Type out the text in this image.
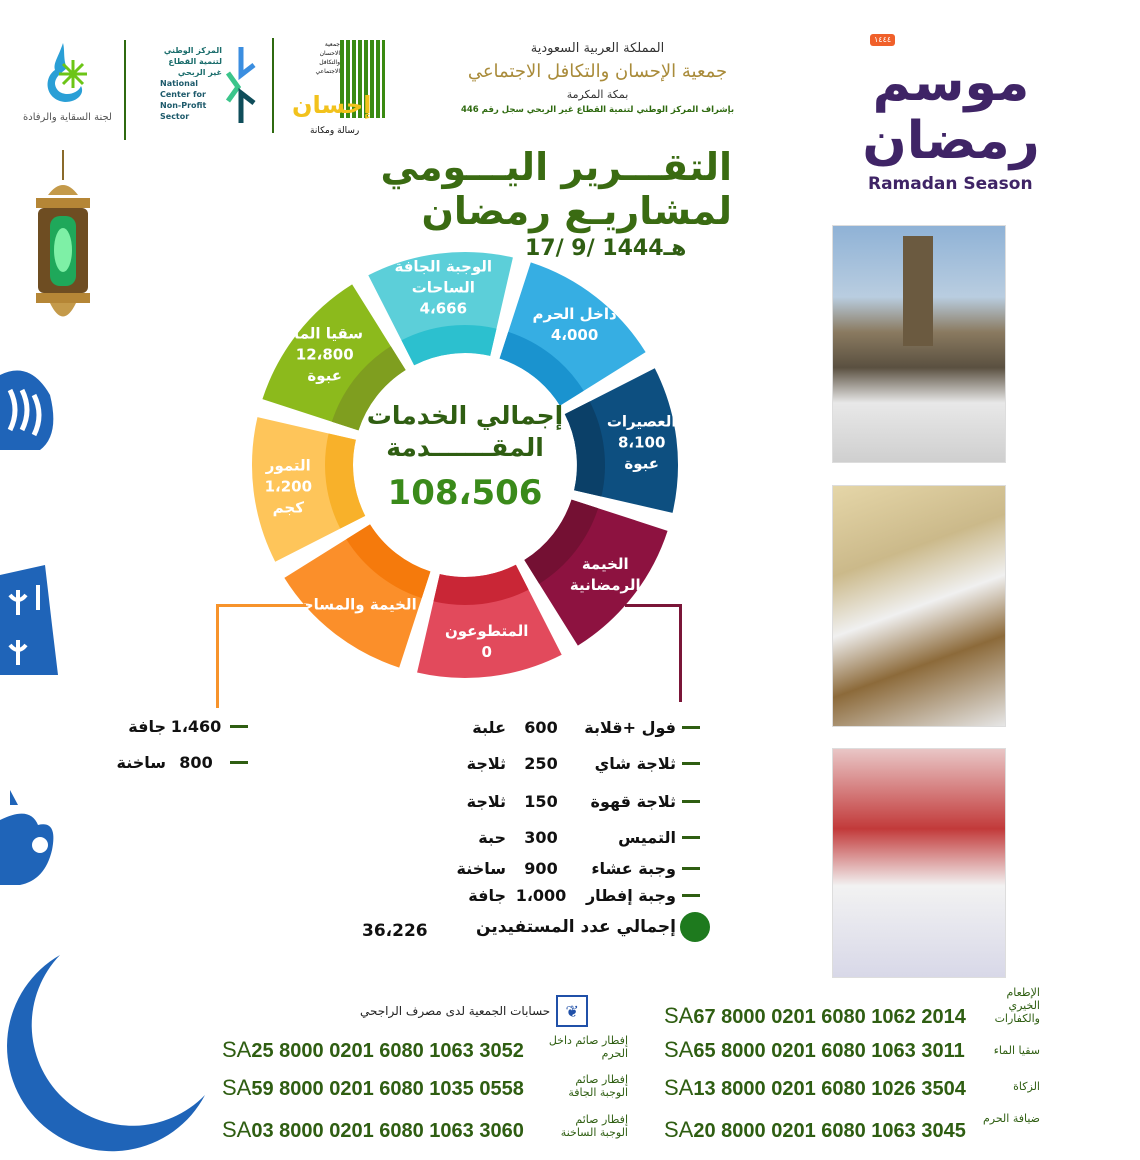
لجنة السقاية والرفادة
المركز الوطني لتنمية القطاع غير الربحي
National Center for Non-Profit Sector
جمعية الاحسان والتكافل الاجتماعي
إحسان
رسالة ومكانة
المملكة العربية السعودية
جمعية الإحسان والتكافل الاجتماعي
بمكة المكرمة
بإشراف المركز الوطني لتنمية القطاع غير الربحي سجل رقم 446
١٤٤٤
موسم رمضان
Ramadan Season
التقـــرير اليـــومي
لمشاريـع رمضان
17/ 9/ 1444هـ
الوجبة الجافة
الساحات
4،666	داخل الحرم
4،000
العصيرات
8،100
عبوة
الخيمة
الرمضانية
المتطوعون
0
الخيمة والمساجد
التمور
1،200
كجم
سقيا الماء
12،800
عبوة
إجمالي الخدمات
المقـــــــدمة
108،506
1،460
جافة
800
ساخنة
فول +قلابة
600
علبة
ثلاجة شاي
250
ثلاجة
ثلاجة قهوة
150
ثلاجة
التميس
300
حبة
وجبة عشاء
900
ساخنة
وجبة إفطار
1،000
جافة
إجمالي عدد المستفيدين
36،226
❦
حسابات الجمعية لدى مصرف الراجحي
SA25 8000 0201 6080 1063 3052 إفطار صائم داخل الحرم
SA59 8000 0201 6080 1035 0558	إفطار صائم الوجبة الجافة
SA03 8000 0201 6080 1063 3060
إفطار صائم الوجبة الساخنة
SA67 8000 0201 6080 1062 2014
الإطعام الخيري والكفارات
SA65 8000 0201 6080 1063 3011	سقيا الماء
SA13 8000 0201 6080 1026 3504	الزكاة
SA20 8000 0201 6080 1063 3045
ضيافة الحرم
